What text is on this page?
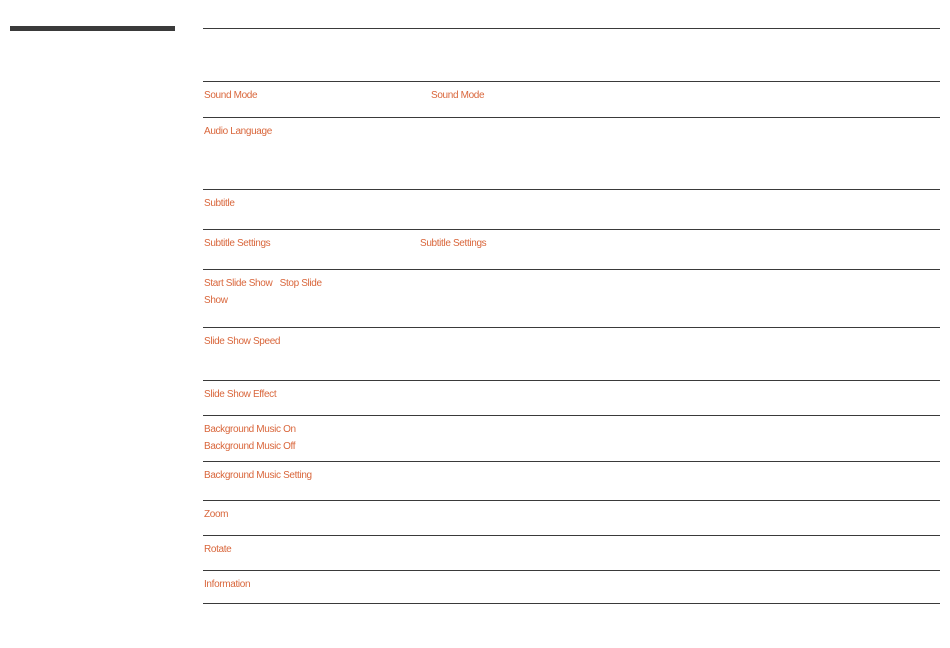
Sound Mode	Sound Mode
Audio Language
Subtitle
Subtitle Settings	Subtitle Settings
Start Slide Show Stop Slide Show
Slide Show Speed
Slide Show Effect
Background Music On
Background Music Off
Background Music Setting
Zoom
Rotate
Information
